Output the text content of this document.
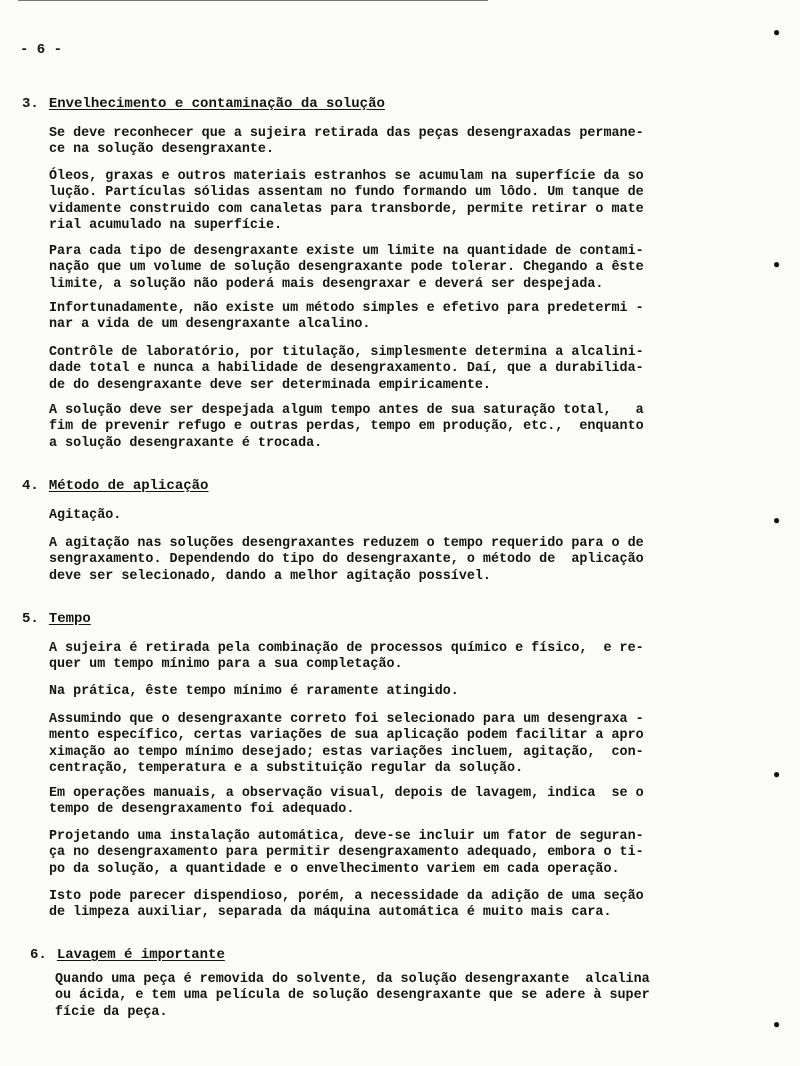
- 6 -
3. Envelhecimento e contaminação da solução

Se deve reconhecer que a sujeira retirada das peças desengraxadas permane-
ce na solução desengraxante.

Óleos, graxas e outros materiais estranhos se acumulam na superfície da so
lução. Partículas sólidas assentam no fundo formando um lôdo. Um tanque de
vidamente construido com canaletas para transborde, permite retirar o mate
rial acumulado na superfície.

Para cada tipo de desengraxante existe um limite na quantidade de contami-
nação que um volume de solução desengraxante pode tolerar. Chegando a êste
limite, a solução não poderá mais desengraxar e deverá ser despejada.

Infortunadamente, não existe um método simples e efetivo para predetermi -
nar a vida de um desengraxante alcalino.

Contrôle de laboratório, por titulação, simplesmente determina a alcalini-
dade total e nunca a habilidade de desengraxamento. Daí, que a durabilida-
de do desengraxante deve ser determinada empiricamente.

A solução deve ser despejada algum tempo antes de sua saturação total,   a
fim de prevenir refugo e outras perdas, tempo em produção, etc.,  enquanto
a solução desengraxante é trocada.

4. Método de aplicação

Agitação.

A agitação nas soluções desengraxantes reduzem o tempo requerido para o de
sengraxamento. Dependendo do tipo do desengraxante, o método de  aplicação
deve ser selecionado, dando a melhor agitação possível.

5. Tempo

A sujeira é retirada pela combinação de processos químico e físico,  e re-
quer um tempo mínimo para a sua completação.

Na prática, êste tempo mínimo é raramente atingido.

Assumindo que o desengraxante correto foi selecionado para um desengraxa -
mento específico, certas variações de sua aplicação podem facilitar a apro
ximação ao tempo mínimo desejado; estas variações incluem, agitação,  con-
centração, temperatura e a substituição regular da solução.

Em operações manuais, a observação visual, depois de lavagem, indica  se o
tempo de desengraxamento foi adequado.

Projetando uma instalação automática, deve-se incluir um fator de seguran-
ça no desengraxamento para permitir desengraxamento adequado, embora o ti-
po da solução, a quantidade e o envelhecimento variem em cada operação.

Isto pode parecer dispendioso, porém, a necessidade da adição de uma seção
de limpeza auxiliar, separada da máquina automática é muito mais cara.

6. Lavagem é importante

Quando uma peça é removida do solvente, da solução desengraxante  alcalina
ou ácida, e tem uma película de solução desengraxante que se adere à super
fície da peça.

●
●
●
●
●
